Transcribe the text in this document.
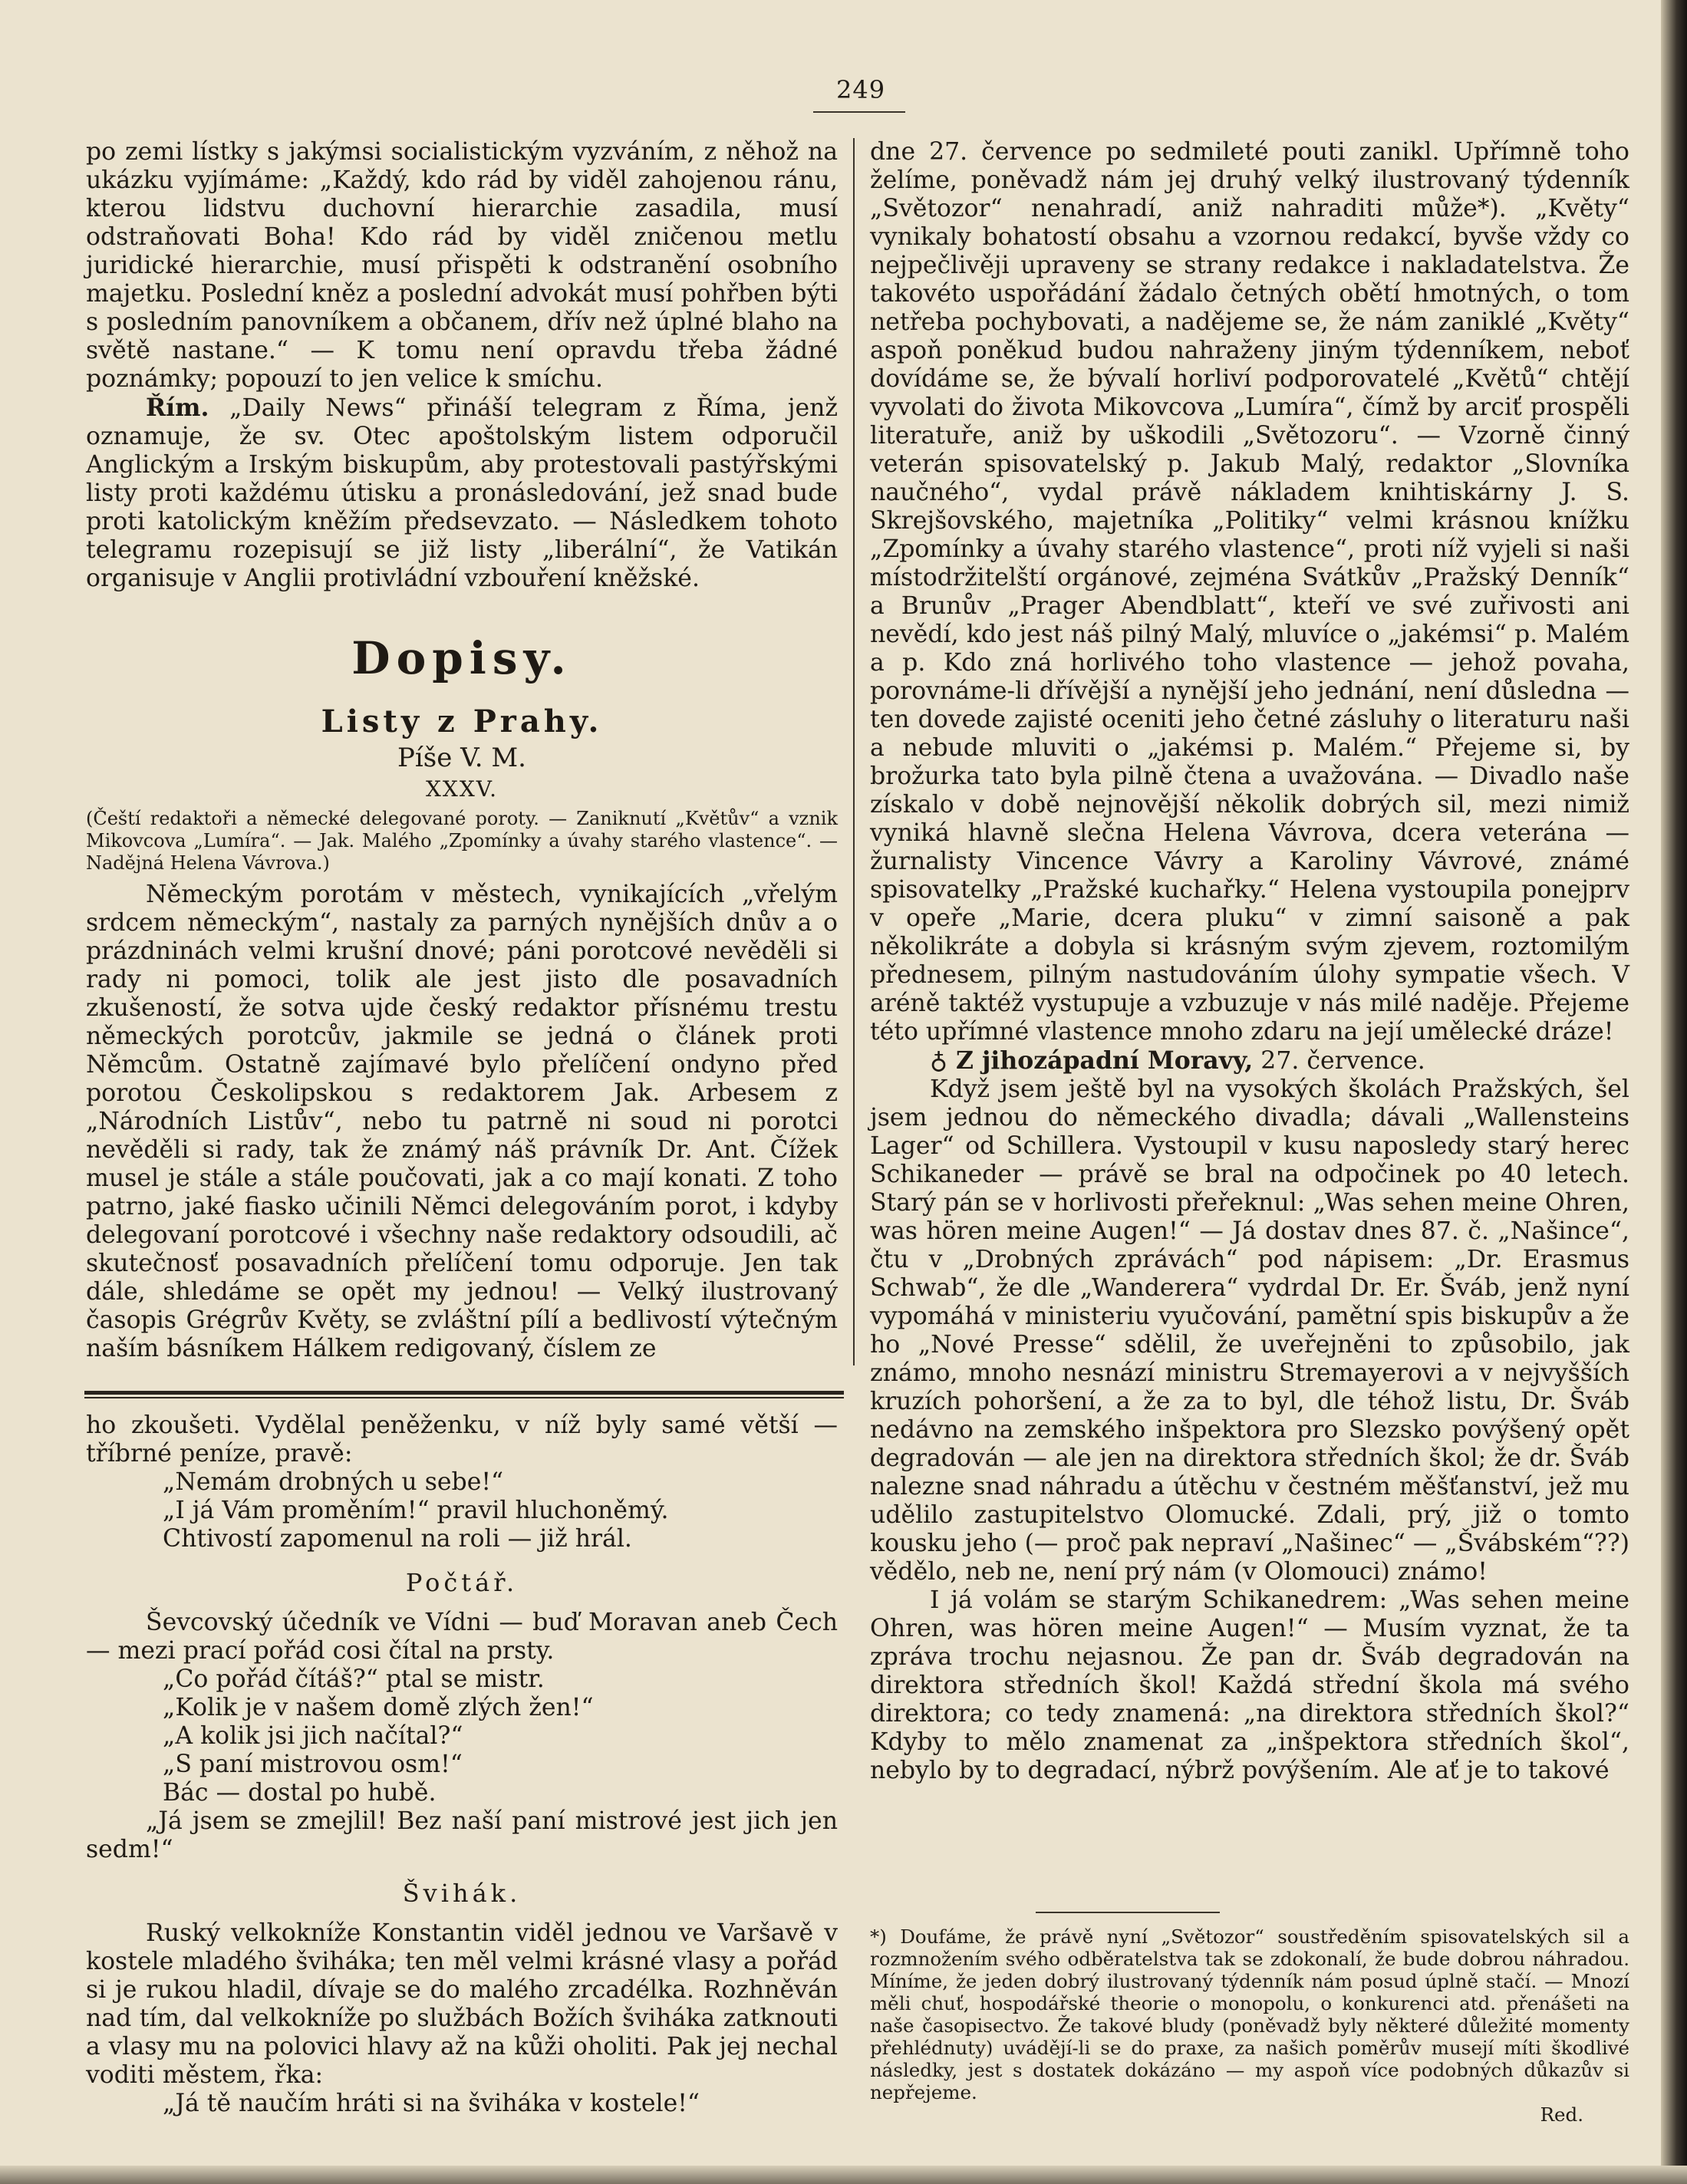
249

po zemi lístky s jakýmsi socialistickým vyzváním, z něhož na ukázku vyjímáme: „Každý, kdo rád by viděl zahojenou ránu, kterou lidstvu duchovní hierarchie zasadila, musí odstraňovati Boha! Kdo rád by viděl zničenou metlu juridické hierarchie, musí přispěti k odstranění osobního majetku. Poslední kněz a poslední advokát musí pohřben býti s posledním panovníkem a občanem, dřív než úplné blaho na světě nastane.“ — K tomu není opravdu třeba žádné poznámky; popouzí to jen velice k smíchu.

Řím. „Daily News“ přináší telegram z Říma, jenž oznamuje, že sv. Otec apoštolským listem odporučil Anglickým a Irským biskupům, aby protestovali pastýřskými listy proti každému útisku a pronásledování, jež snad bude proti katolickým kněžím předsevzato. — Následkem tohoto telegramu rozepisují se již listy „liberální“, že Vatikán organisuje v Anglii protivládní vzbouření kněžské.

Dopisy.
Listy z Prahy.
Píše V. M.
XXXV.
(Čeští redaktoři a německé delegované poroty. — Zaniknutí „Květův“ a vznik Mikovcova „Lumíra“. — Jak. Malého „Zpomínky a úvahy starého vlastence“. — Nadějná Helena Vávrova.)

Německým porotám v městech, vynikajících „vřelým srdcem německým“, nastaly za parných nynějších dnův a o prázdninách velmi krušní dnové; páni porotcové nevěděli si rady ni pomoci, tolik ale jest jisto dle posavadních zkušeností, že sotva ujde český redaktor přísnému trestu německých porotcův, jakmile se jedná o článek proti Němcům. Ostatně zajímavé bylo přelíčení ondyno před porotou Českolipskou s redaktorem Jak. Arbesem z „Národních Listův“, nebo tu patrně ni soud ni porotci nevěděli si rady, tak že známý náš právník Dr. Ant. Čížek musel je stále a stále poučovati, jak a co mají konati. Z toho patrno, jaké fiasko učinili Němci delegováním porot, i kdyby delegovaní porotcové i všechny naše redaktory odsoudili, ač skutečnosť posavadních přelíčení tomu odporuje. Jen tak dále, shledáme se opět my jednou! — Velký ilustrovaný časopis Grégrův Květy, se zvláštní pílí a bedlivostí výtečným naším básníkem Hálkem redigovaný, číslem ze

dne 27. července po sedmileté pouti zanikl. Upřímně toho želíme, poněvadž nám jej druhý velký ilustrovaný týdenník „Světozor“ nenahradí, aniž nahraditi může*). „Květy“ vynikaly bohatostí obsahu a vzornou redakcí, byvše vždy co nejpečlivěji upraveny se strany redakce i nakladatelstva. Že takovéto uspořádání žádalo četných obětí hmotných, o tom netřeba pochybovati, a nadějeme se, že nám zaniklé „Květy“ aspoň poněkud budou nahraženy jiným týdenníkem, neboť dovídáme se, že bývalí horliví podporovatelé „Květů“ chtějí vyvolati do života Mikovcova „Lumíra“, čímž by arciť prospěli literatuře, aniž by uškodili „Světozoru“. — Vzorně činný veterán spisovatelský p. Jakub Malý, redaktor „Slovníka naučného“, vydal právě nákladem knihtiskárny J. S. Skrejšovského, majetníka „Politiky“ velmi krásnou knížku „Zpomínky a úvahy starého vlastence“, proti níž vyjeli si naši místodržitelští orgánové, zejména Svátkův „Pražský Denník“ a Brunův „Prager Abendblatt“, kteří ve své zuřivosti ani nevědí, kdo jest náš pilný Malý, mluvíce o „jakémsi“ p. Malém a p. Kdo zná horlivého toho vlastence — jehož povaha, porovnáme-li dřívější a nynější jeho jednání, není důsledna — ten dovede zajisté oceniti jeho četné zásluhy o literaturu naši a nebude mluviti o „jakémsi p. Malém.“ Přejeme si, by brožurka tato byla pilně čtena a uvažována. — Divadlo naše získalo v době nejnovější několik dobrých sil, mezi nimiž vyniká hlavně slečna Helena Vávrova, dcera veterána — žurnalisty Vincence Vávry a Karoliny Vávrové, známé spisovatelky „Pražské kuchařky.“ Helena vystoupila ponejprv v opeře „Marie, dcera pluku“ v zimní saisoně a pak několikráte a dobyla si krásným svým zjevem, roztomilým přednesem, pilným nastudováním úlohy sympatie všech. V aréně taktéž vystupuje a vzbuzuje v nás milé naděje. Přejeme této upřímné vlastence mnoho zdaru na její umělecké dráze!

♁ Z jihozápadní Moravy, 27. července.

Když jsem ještě byl na vysokých školách Pražských, šel jsem jednou do německého divadla; dávali „Wallensteins Lager“ od Schillera. Vystoupil v kusu naposledy starý herec Schikaneder — právě se bral na odpočinek po 40 letech. Starý pán se v horlivosti přeřeknul: „Was sehen meine Ohren, was hören meine Augen!“ — Já dostav dnes 87. č. „Našince“, čtu v „Drobných zprávách“ pod nápisem: „Dr. Erasmus Schwab“, že dle „Wanderera“ vydrdal Dr. Er. Šváb, jenž nyní vypomáhá v ministeriu vyučování, pamětní spis biskupův a že ho „Nové Presse“ sdělil, že uveřejněni to způsobilo, jak známo, mnoho nesnází ministru Stremayerovi a v nejvyšších kruzích pohoršení, a že za to byl, dle téhož listu, Dr. Šváb nedávno na zemského inšpektora pro Slezsko povýšený opět degradován — ale jen na direktora středních škol; že dr. Šváb nalezne snad náhradu a útěchu v čestném měšťanství, jež mu udělilo zastupitelstvo Olomucké. Zdali, prý, již o tomto kousku jeho (— proč pak nepraví „Našinec“ — „Švábském“??) vědělo, neb ne, není prý nám (v Olomouci) známo!

I já volám se starým Schikanedrem: „Was sehen meine Ohren, was hören meine Augen!“ — Musím vyznat, že ta zpráva trochu nejasnou. Že pan dr. Šváb degradován na direktora středních škol! Každá střední škola má svého direktora; co tedy znamená: „na direktora středních škol?“ Kdyby to mělo znamenat za „inšpektora středních škol“, nebylo by to degradací, nýbrž povýšením. Ale ať je to takové

ho zkoušeti. Vydělal peněženku, v níž byly samé větší — tříbrné peníze, pravě:

„Nemám drobných u sebe!“

„I já Vám proměním!“ pravil hluchoněmý.

Chtivostí zapomenul na roli — již hrál.

Počtář.

Ševcovský účedník ve Vídni — buď Moravan aneb Čech — mezi prací pořád cosi čítal na prsty.

„Co pořád čítáš?“ ptal se mistr.

„Kolik je v našem domě zlých žen!“

„A kolik jsi jich načítal?“

„S paní mistrovou osm!“

Bác — dostal po hubě.

„Já jsem se zmejlil! Bez naší paní mistrové jest jich jen sedm!“

Švihák.

Ruský velkokníže Konstantin viděl jednou ve Varšavě v kostele mladého šviháka; ten měl velmi krásné vlasy a pořád si je rukou hladil, dívaje se do malého zrcadélka. Rozhněván nad tím, dal velkokníže po službách Božích šviháka zatknouti a vlasy mu na polovici hlavy až na kůži oholiti. Pak jej nechal voditi městem, řka:

„Já tě naučím hráti si na šviháka v kostele!“

*) Doufáme, že právě nyní „Světozor“ soustředěním spisovatelských sil a rozmnožením svého odběratelstva tak se zdokonalí, že bude dobrou náhradou. Míníme, že jeden dobrý ilustrovaný týdenník nám posud úplně stačí. — Mnozí měli chuť, hospodářské theorie o monopolu, o konkurenci atd. přenášeti na naše časopisectvo. Že takové bludy (poněvadž byly některé důležité momenty přehlédnuty) uvádějí-li se do praxe, za našich poměrův musejí míti škodlivé následky, jest s dostatek dokázáno — my aspoň více podobných důkazův si nepřejeme.

Red.
